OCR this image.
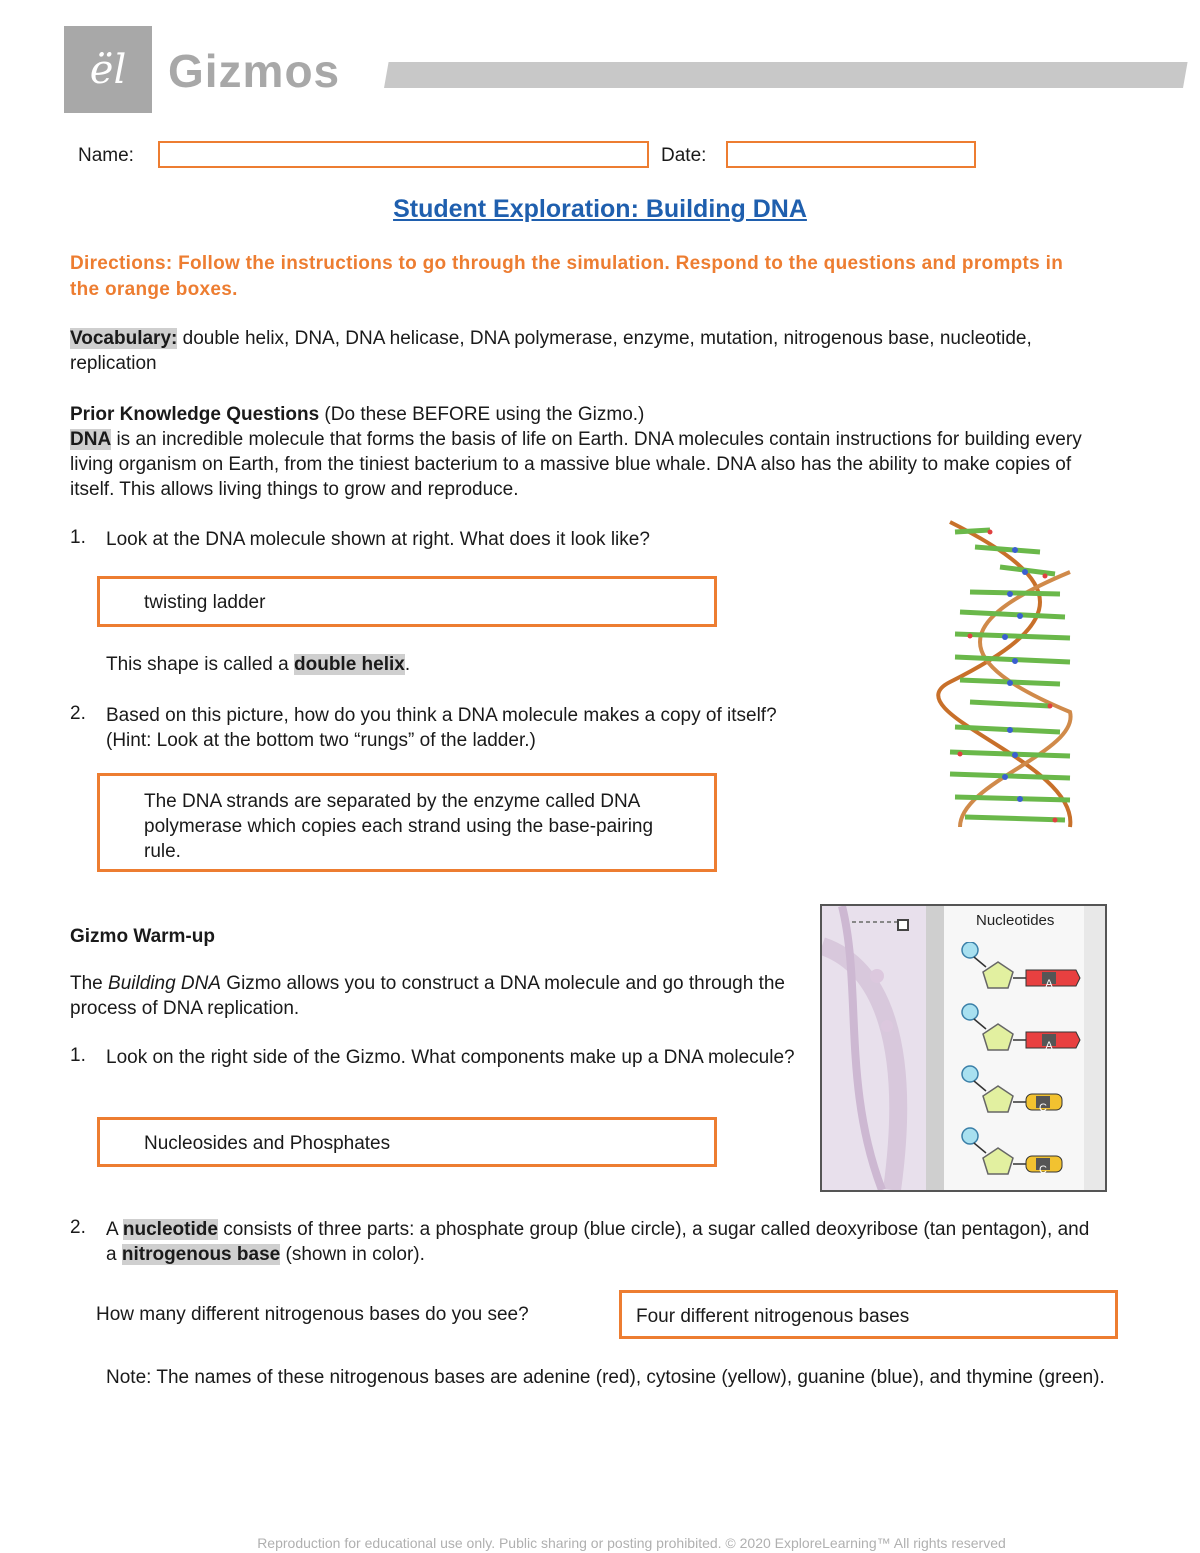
ël Gizmos
Name:	Date:
Student Exploration: Building DNA
Directions: Follow the instructions to go through the simulation. Respond to the questions and prompts in the orange boxes.
Vocabulary: double helix, DNA, DNA helicase, DNA polymerase, enzyme, mutation, nitrogenous base, nucleotide, replication
Prior Knowledge Questions (Do these BEFORE using the Gizmo.)
DNA is an incredible molecule that forms the basis of life on Earth. DNA molecules contain instructions for building every living organism on Earth, from the tiniest bacterium to a massive blue whale. DNA also has the ability to make copies of itself. This allows living things to grow and reproduce.
1. Look at the DNA molecule shown at right. What does it look like?
twisting ladder
This shape is called a double helix.
2. Based on this picture, how do you think a DNA molecule makes a copy of itself?
(Hint: Look at the bottom two “rungs” of the ladder.)
The DNA strands are separated by the enzyme called DNA polymerase which copies each strand using the base-pairing rule.
Gizmo Warm-up
The Building DNA Gizmo allows you to construct a DNA molecule and go through the process of DNA replication.
1. Look on the right side of the Gizmo. What components make up a DNA molecule?
Nucleosides and Phosphates
Nucleotides
A
A
C
C
2. A nucleotide consists of three parts: a phosphate group (blue circle), a sugar called deoxyribose (tan pentagon), and a nitrogenous base (shown in color).
How many different nitrogenous bases do you see?	Four different nitrogenous bases
Note: The names of these nitrogenous bases are adenine (red), cytosine (yellow), guanine (blue), and thymine (green).
Reproduction for educational use only. Public sharing or posting prohibited. © 2020 ExploreLearning™ All rights reserved
